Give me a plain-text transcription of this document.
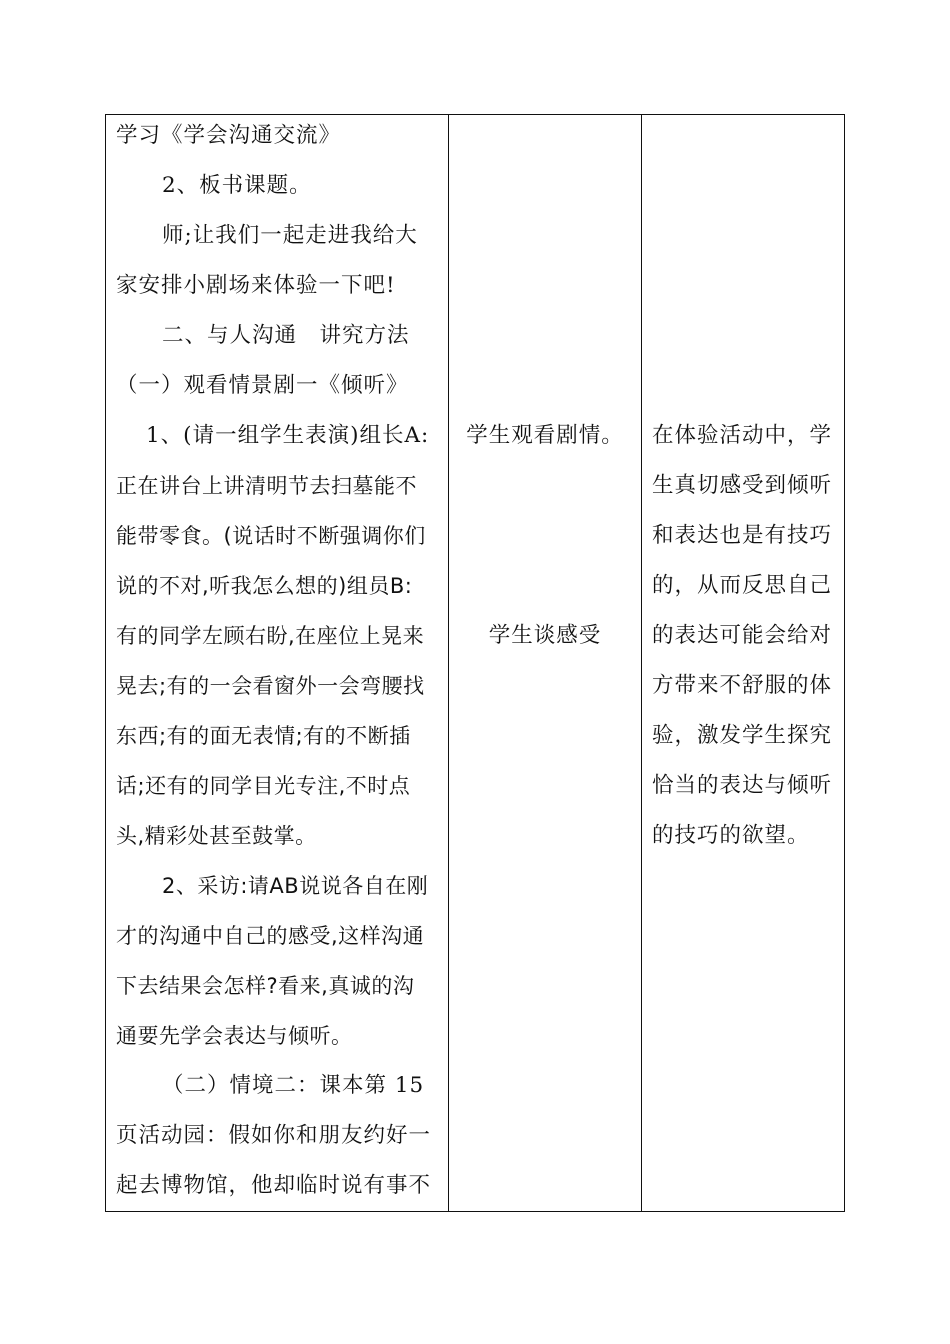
学习《学会沟通交流》
2、板书课题。
师;让我们一起走进我给大
家安排小剧场来体验一下吧!
二、与人沟通　讲究方法
（一）观看情景剧一《倾听》
1、(请一组学生表演)组长A:
正在讲台上讲清明节去扫墓能不
能带零食。(说话时不断强调你们
说的不对,听我怎么想的)组员B:
有的同学左顾右盼,在座位上晃来
晃去;有的一会看窗外一会弯腰找
东西;有的面无表情;有的不断插
话;还有的同学目光专注,不时点
头,精彩处甚至鼓掌。
2、采访:请AB说说各自在刚
才的沟通中自己的感受,这样沟通
下去结果会怎样?看来,真诚的沟
通要先学会表达与倾听。
（二）情境二：课本第 15
页活动园：假如你和朋友约好一
起去博物馆，他却临时说有事不
学生观看剧情。
学生谈感受
在体验活动中，学
生真切感受到倾听
和表达也是有技巧
的，从而反思自己
的表达可能会给对
方带来不舒服的体
验，激发学生探究
恰当的表达与倾听
的技巧的欲望。
